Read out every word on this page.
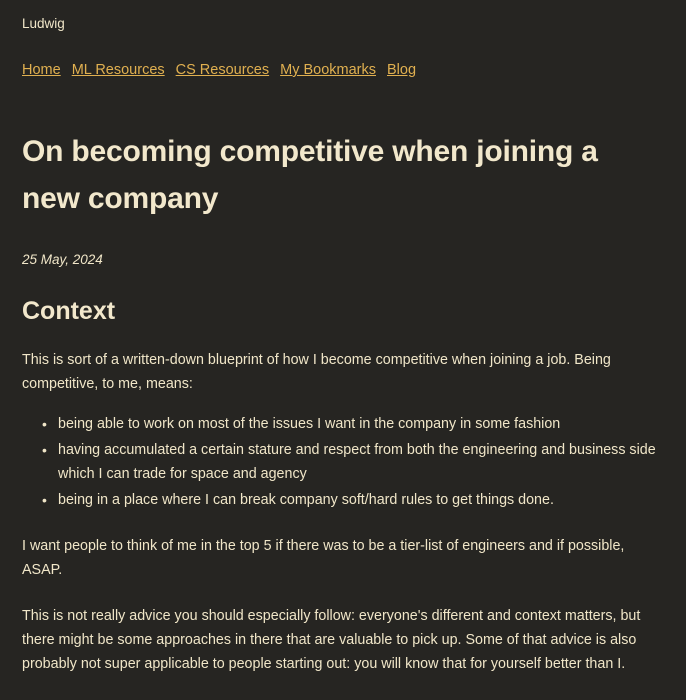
Ludwig
Home ML Resources CS Resources My Bookmarks Blog
On becoming competitive when joining a new company
25 May, 2024
Context

This is sort of a written-down blueprint of how I become competitive when joining a job. Being competitive, to me, means:

• being able to work on most of the issues I want in the company in some fashion
• having accumulated a certain stature and respect from both the engineering and business side which I can trade for space and agency
• being in a place where I can break company soft/hard rules to get things done.

I want people to think of me in the top 5 if there was to be a tier-list of engineers and if possible, ASAP.

This is not really advice you should especially follow: everyone's different and context matters, but there might be some approaches in there that are valuable to pick up. Some of that advice is also probably not super applicable to people starting out: you will know that for yourself better than I.
